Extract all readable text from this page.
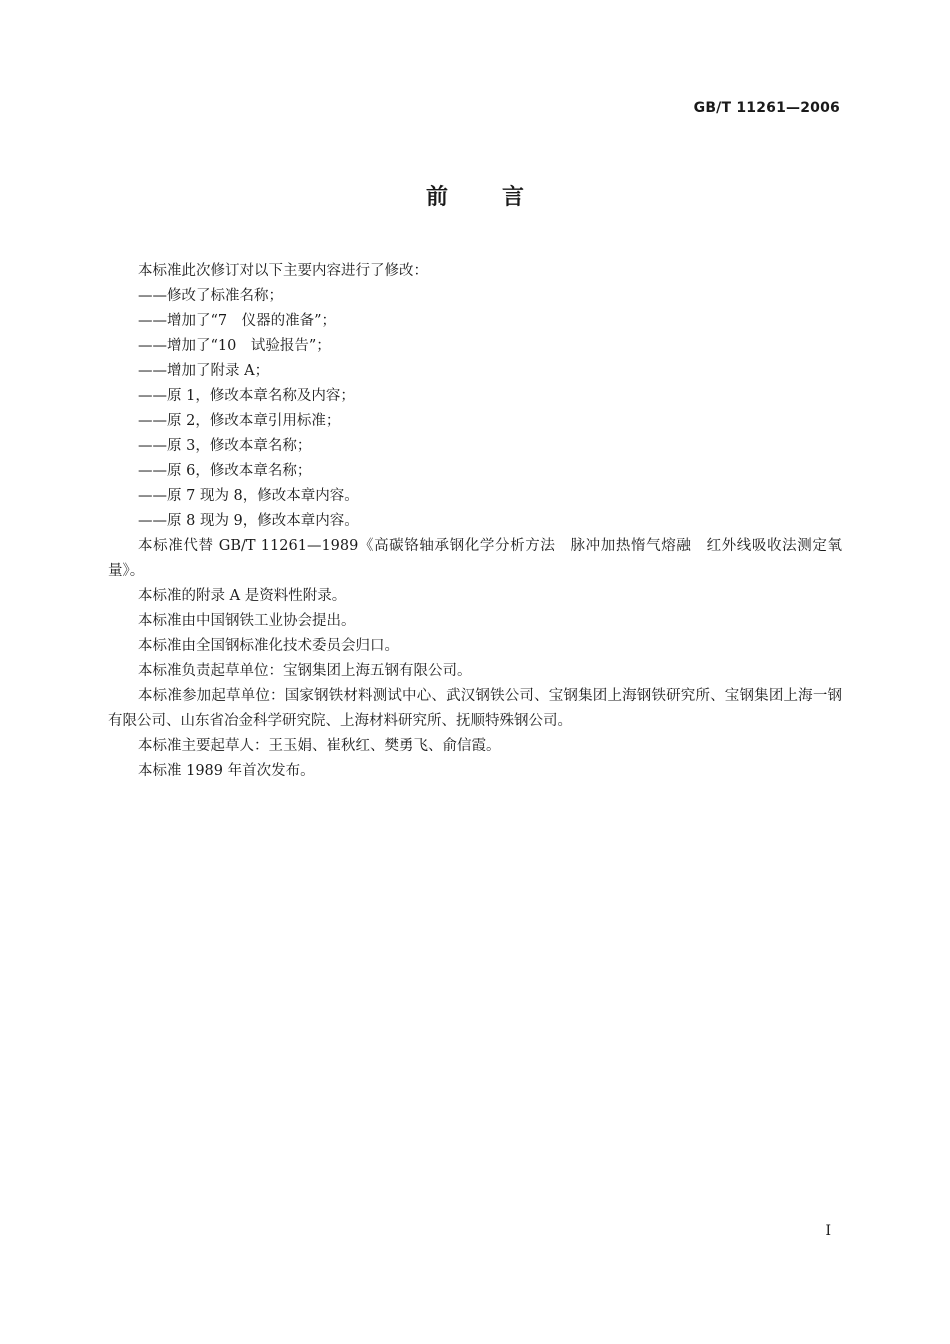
GB/T 11261—2006
前言

本标准此次修订对以下主要内容进行了修改：

——修改了标准名称；

——增加了“7　仪器的准备”；

——增加了“10　试验报告”；

——增加了附录 A；

——原 1，修改本章名称及内容；

——原 2，修改本章引用标准；

——原 3，修改本章名称；

——原 6，修改本章名称；

——原 7 现为 8，修改本章内容。

——原 8 现为 9，修改本章内容。

本标准代替 GB/T 11261—1989《高碳铬轴承钢化学分析方法　脉冲加热惰气熔融　红外线吸收法测定氧量》。

本标准的附录 A 是资料性附录。

本标准由中国钢铁工业协会提出。

本标准由全国钢标准化技术委员会归口。

本标准负责起草单位：宝钢集团上海五钢有限公司。

本标准参加起草单位：国家钢铁材料测试中心、武汉钢铁公司、宝钢集团上海钢铁研究所、宝钢集团上海一钢有限公司、山东省冶金科学研究院、上海材料研究所、抚顺特殊钢公司。

本标准主要起草人：王玉娟、崔秋红、樊勇飞、俞信霞。

本标准 1989 年首次发布。

I
